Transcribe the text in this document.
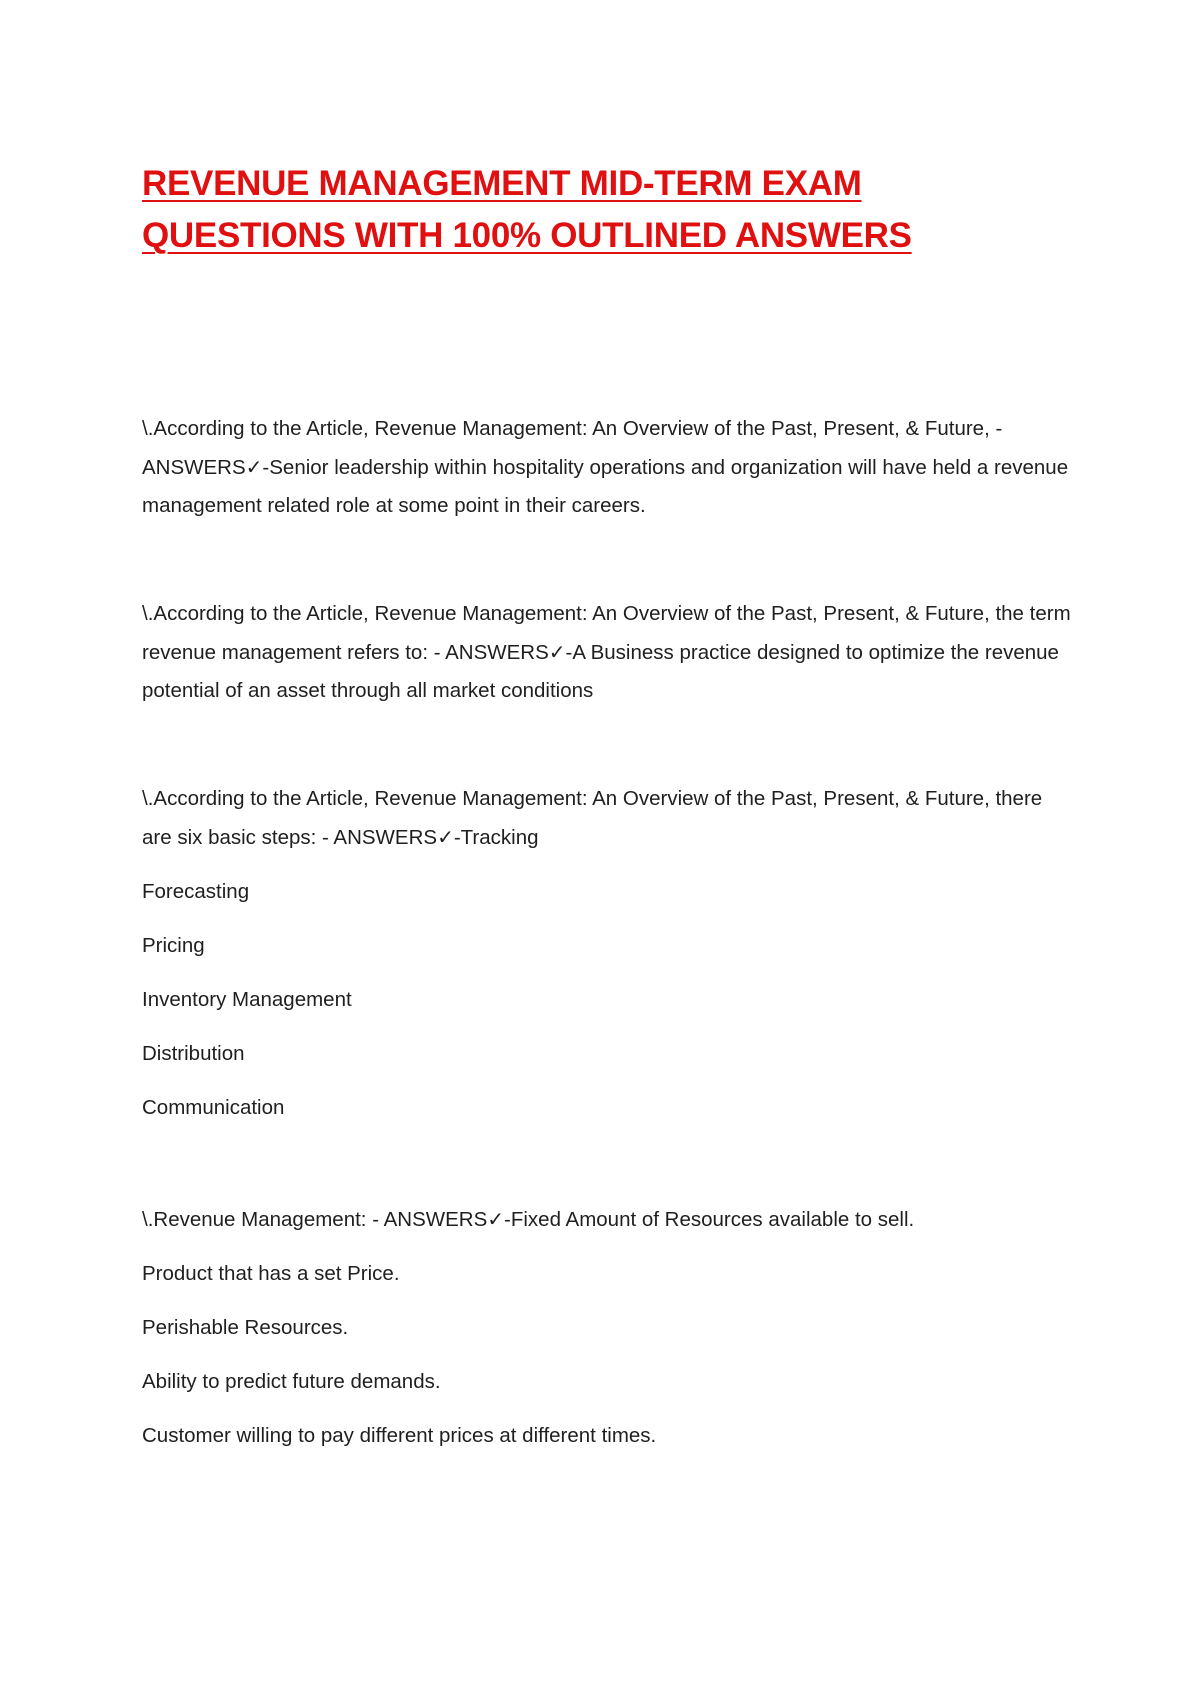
REVENUE MANAGEMENT MID-TERM EXAM
QUESTIONS WITH 100% OUTLINED ANSWERS

\.According to the Article, Revenue Management: An Overview of the Past, Present, & Future, - ANSWERS✓-Senior leadership within hospitality operations and organization will have held a revenue management related role at some point in their careers.

\.According to the Article, Revenue Management: An Overview of the Past, Present, & Future, the term revenue management refers to: - ANSWERS✓-A Business practice designed to optimize the revenue potential of an asset through all market conditions

\.According to the Article, Revenue Management: An Overview of the Past, Present, & Future, there are six basic steps: - ANSWERS✓-Tracking

Forecasting
Pricing
Inventory Management
Distribution
Communication

\.Revenue Management: - ANSWERS✓-Fixed Amount of Resources available to sell.

Product that has a set Price.
Perishable Resources.
Ability to predict future demands.
Customer willing to pay different prices at different times.
